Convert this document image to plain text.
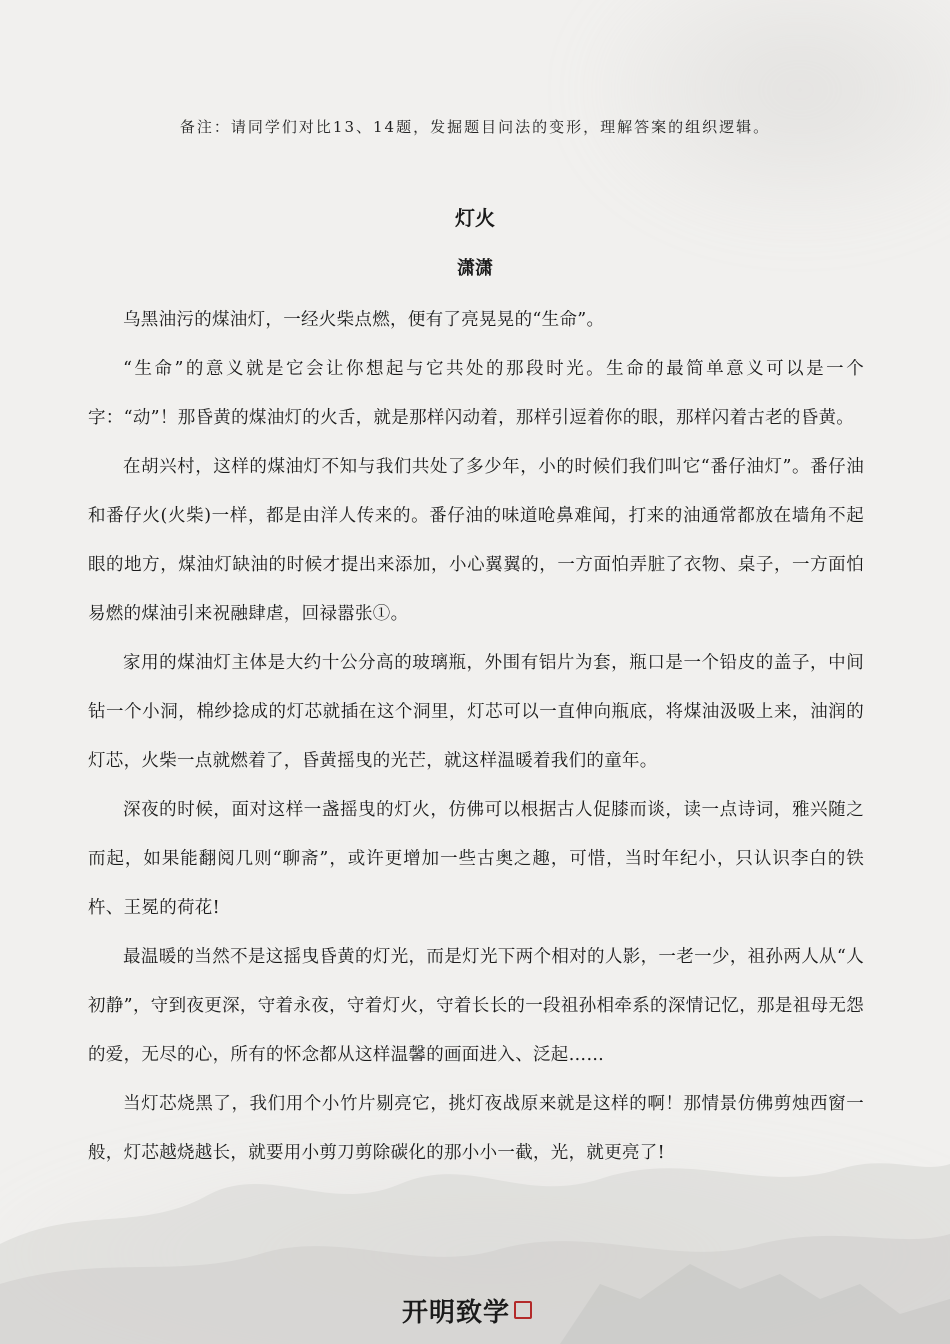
备注：请同学们对比13、14题，发掘题目问法的变形，理解答案的组织逻辑。
灯火
潇潇

乌黑油污的煤油灯，一经火柴点燃，便有了亮晃晃的“生命”。

“生命”的意义就是它会让你想起与它共处的那段时光。生命的最简单意义可以是一个字：“动”！那昏黄的煤油灯的火舌，就是那样闪动着，那样引逗着你的眼，那样闪着古老的昏黄。

在胡兴村，这样的煤油灯不知与我们共处了多少年，小的时候们我们叫它“番仔油灯”。番仔油和番仔火(火柴)一样，都是由洋人传来的。番仔油的味道呛鼻难闻，打来的油通常都放在墙角不起眼的地方，煤油灯缺油的时候才提出来添加，小心翼翼的，一方面怕弄脏了衣物、桌子，一方面怕易燃的煤油引来祝融肆虐，回禄嚣张①。

家用的煤油灯主体是大约十公分高的玻璃瓶，外围有铝片为套，瓶口是一个铅皮的盖子，中间钻一个小洞，棉纱捻成的灯芯就插在这个洞里，灯芯可以一直伸向瓶底，将煤油汲吸上来，油润的灯芯，火柴一点就燃着了，昏黄摇曳的光芒，就这样温暖着我们的童年。

深夜的时候，面对这样一盏摇曳的灯火，仿佛可以根据古人促膝而谈，读一点诗词，雅兴随之而起，如果能翻阅几则“聊斋”，或许更增加一些古奥之趣，可惜，当时年纪小，只认识李白的铁杵、王冕的荷花!

最温暖的当然不是这摇曳昏黄的灯光，而是灯光下两个相对的人影，一老一少，祖孙两人从“人初静”，守到夜更深，守着永夜，守着灯火，守着长长的一段祖孙相牵系的深情记忆，那是祖母无怨的爱，无尽的心，所有的怀念都从这样温馨的画面进入、泛起……

当灯芯烧黑了，我们用个小竹片剔亮它，挑灯夜战原来就是这样的啊！那情景仿佛剪烛西窗一般，灯芯越烧越长，就要用小剪刀剪除碳化的那小小一截，光，就更亮了!

开明致学
